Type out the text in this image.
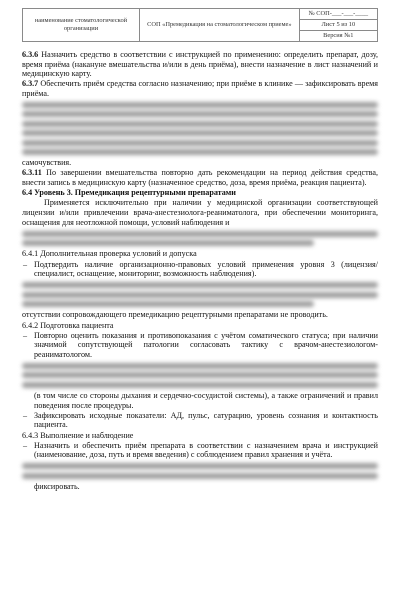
наименование стоматологической организации	СОП «Премедикация на стоматологическом приеме»	№ СОП-___-___-____
Лист 5 из 10
Версия №1

6.3.6 Назначить средство в соответствии с инструкцией по применению: определить препарат, дозу, время приёма (накануне вмешательства и/или в день приёма), внести назначение в лист назначений и медицинскую карту.

6.3.7 Обеспечить приём средства согласно назначению; при приёме в клинике — зафиксировать время приёма.

самочувствия.

6.3.11 По завершении вмешательства повторно дать рекомендации на период действия средства, внести запись в медицинскую карту (назначенное средство, доза, время приёма, реакция пациента).

6.4 Уровень 3. Премедикация рецептурными препаратами

Применяется исключительно при наличии у медицинской организации соответствующей лицензии и/или привлечении врача-анестезиолога-реаниматолога, при обеспечении мониторинга, оснащения для неотложной помощи, условий наблюдения и

6.4.1 Дополнительная проверка условий и допуска

– Подтвердить наличие организационно-правовых условий применения уровня 3 (лицензия/специалист, оснащение, мониторинг, возможность наблюдения).

отсутствии сопровождающего премедикацию рецептурными препаратами не проводить.

6.4.2 Подготовка пациента

– Повторно оценить показания и противопоказания с учётом соматического статуса; при наличии значимой сопутствующей патологии согласовать тактику с врачом-анестезиологом-реаниматологом.

(в том числе со стороны дыхания и сердечно-сосудистой системы), а также ограничений и правил поведения после процедуры.

– Зафиксировать исходные показатели: АД, пульс, сатурацию, уровень сознания и контактность пациента.

6.4.3 Выполнение и наблюдение

– Назначить и обеспечить приём препарата в соответствии с назначением врача и инструкцией (наименование, доза, путь и время введения) с соблюдением правил хранения и учёта.

фиксировать.
